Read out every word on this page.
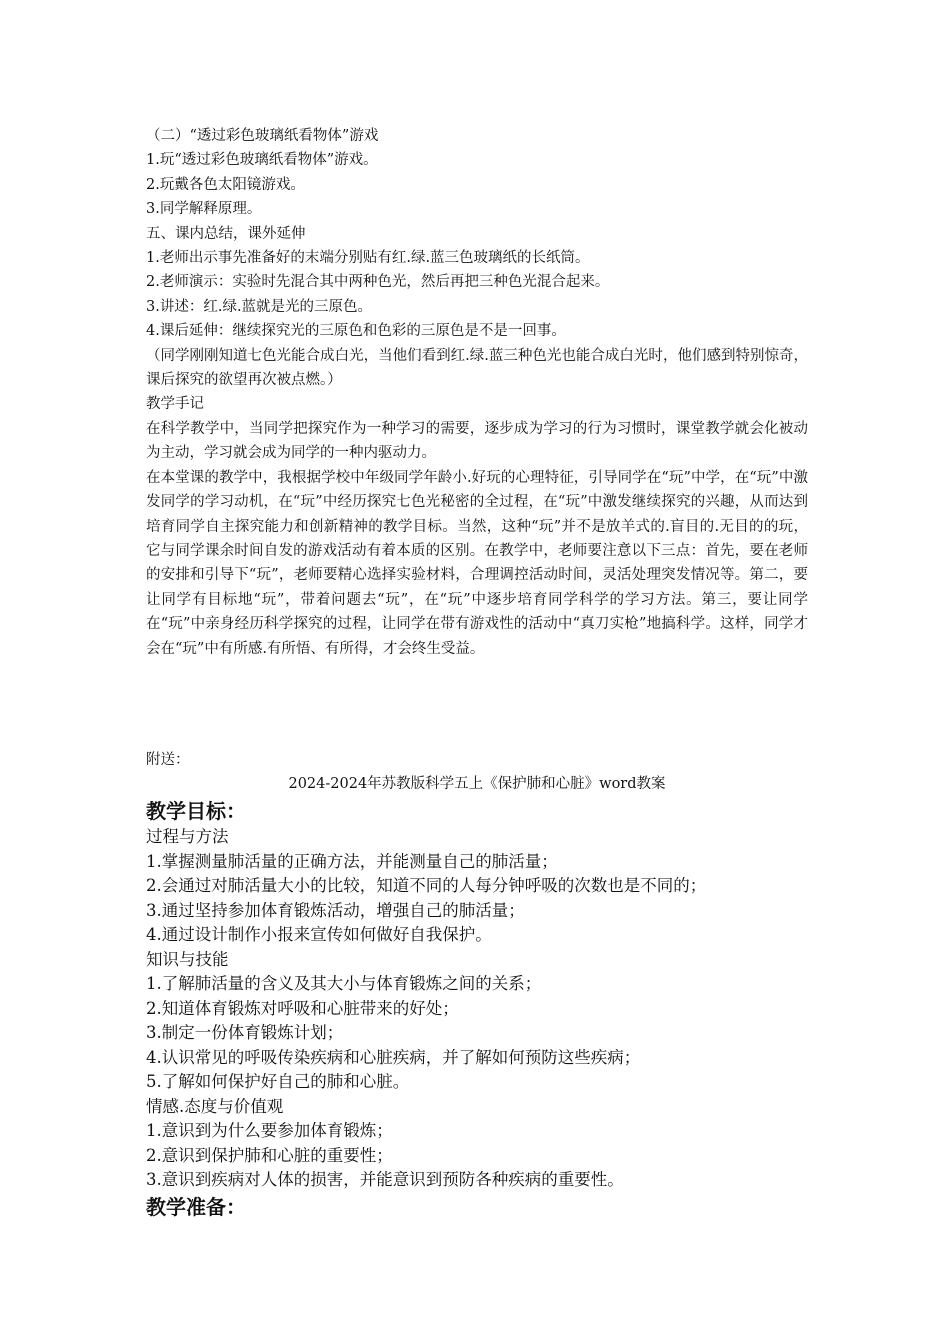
（二）“透过彩色玻璃纸看物体”游戏
1.玩“透过彩色玻璃纸看物体”游戏。
2.玩戴各色太阳镜游戏。
3.同学解释原理。
五、课内总结，课外延伸
1.老师出示事先准备好的末端分别贴有红.绿.蓝三色玻璃纸的长纸筒。
2.老师演示：实验时先混合其中两种色光，然后再把三种色光混合起来。
3.讲述：红.绿.蓝就是光的三原色。
4.课后延伸：继续探究光的三原色和色彩的三原色是不是一回事。
（同学刚刚知道七色光能合成白光，当他们看到红.绿.蓝三种色光也能合成白光时，他们感到特别惊奇，课后探究的欲望再次被点燃。）
教学手记
在科学教学中，当同学把探究作为一种学习的需要，逐步成为学习的行为习惯时，课堂教学就会化被动为主动，学习就会成为同学的一种内驱动力。
在本堂课的教学中，我根据学校中年级同学年龄小.好玩的心理特征，引导同学在“玩”中学，在“玩”中激发同学的学习动机，在“玩”中经历探究七色光秘密的全过程，在“玩”中激发继续探究的兴趣，从而达到培育同学自主探究能力和创新精神的教学目标。当然，这种“玩”并不是放羊式的.盲目的.无目的的玩，它与同学课余时间自发的游戏活动有着本质的区别。在教学中，老师要注意以下三点：首先，要在老师的安排和引导下“玩”，老师要精心选择实验材料，合理调控活动时间，灵活处理突发情况等。第二，要让同学有目标地“玩”，带着问题去“玩”，在“玩”中逐步培育同学科学的学习方法。第三，要让同学在“玩”中亲身经历科学探究的过程，让同学在带有游戏性的活动中“真刀实枪”地搞科学。这样，同学才会在“玩”中有所感.有所悟、有所得，才会终生受益。
附送：
2024-2024年苏教版科学五上《保护肺和心脏》word教案
教学目标：
过程与方法
1.掌握测量肺活量的正确方法，并能测量自己的肺活量；
2.会通过对肺活量大小的比较，知道不同的人每分钟呼吸的次数也是不同的；
3.通过坚持参加体育锻炼活动，增强自己的肺活量；
4.通过设计制作小报来宣传如何做好自我保护。
知识与技能
1.了解肺活量的含义及其大小与体育锻炼之间的关系；
2.知道体育锻炼对呼吸和心脏带来的好处；
3.制定一份体育锻炼计划；
4.认识常见的呼吸传染疾病和心脏疾病，并了解如何预防这些疾病；
5.了解如何保护好自己的肺和心脏。
情感.态度与价值观
1.意识到为什么要参加体育锻炼；
2.意识到保护肺和心脏的重要性；
3.意识到疾病对人体的损害，并能意识到预防各种疾病的重要性。
教学准备：
